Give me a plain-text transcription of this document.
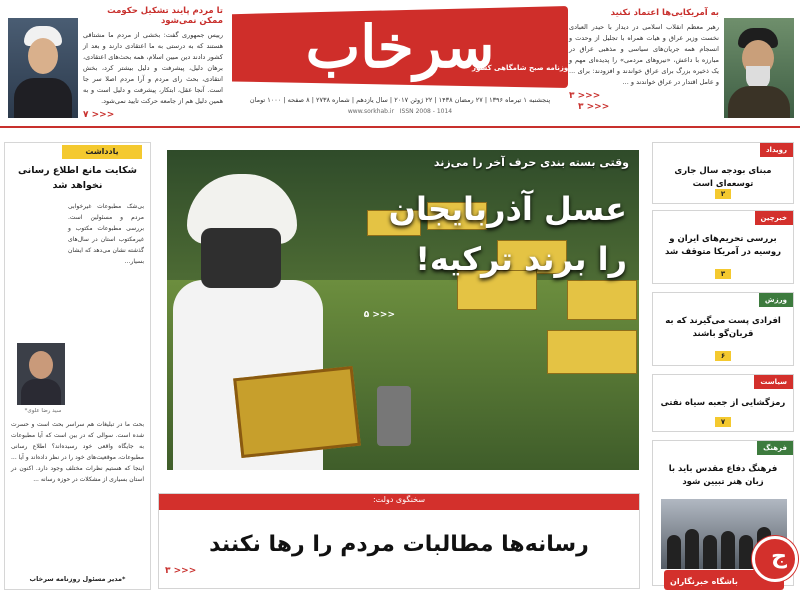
تا مردم پایند تشکیل حکومت ممکن نمی‌شود
رییس جمهوری گفت: بخشی از مردم ما مشتاقی هستند که به درستی به ما اعتقادی دارند و بعد از کشور دادند دین مبین اسلام، همه بحث‌های اعتقادی، برهان دلیل، پیشرفت و دلیل بیشتر کرد، بخش انتقادی، بحث رای مردم و آرا مردم اصلا سر جا است. آنجا عقل، ابتکار، پیشرفت و دلیل است و به همین دلیل هم از جامعه حرکت تایید نمی‌شود.
<<< ۷
سرخاب
روزنامه صبح شامگاهی کشور
پنجشنبه ۱ تیرماه ۱۳۹۶ | ۲۷ رمضان ۱۴۳۸ | ۲۲ ژوئن ۲۰۱۷ | سال یازدهم | شماره ۲۷۳۸ | ۸ صفحه | ۱۰۰۰ تومان
www.sorkhab.ir ISSN 2008 - 1014	<<< ۳
به آمریکایی‌ها اعتماد نکنید
رهبر معظم انقلاب اسلامی در دیدار با حیدر العبادی نخست وزیر عراق و هیات همراه با تجلیل از وحدت و انسجام همه جریان‌های سیاسی و مذهبی عراق در مبارزه با داعش، «نیروهای مردمی» را پدیده‌ای مهم و یک ذخیره بزرگ برای عراق خواندند و افزودند: برای ... و عامل اقتدار در عراق خواندند و ...
<<< ۳
یادداشت
شکایت مانع اطلاع رسانی نخواهد شد
بی‌شک مطبوعات غیرخوابی مردم و مسئولین است. بررسی مطبوعات مکتوب و غیرمکتوب استان در سال‌های گذشته نشان می‌دهد که ایشان بسیار...
سید رضا علوی*
بحث ما در تبلیغات هم سراسر بحث است و حسرت شده است. سوالی که در بین است که آیا مطبوعات به جایگاه واقعی خود رسیده‌اند؟ اطلاع رسانی مطبوعات، موقعیت‌های خود را در نظر داده‌اند و آیا ... اینجا که هستیم نظرات مختلف وجود دارد. اکنون در استان بسیاری از مشکلات در حوزه رسانه ...
*مدیر مسئول روزنامه سرخاب
وقتی بسته بندی حرف آخر را می‌زند
عسل آذربایجان را برند ترکیه!
<<< ۵
سخنگوی دولت:
رسانه‌ها مطالبات مردم را رها نکنند
<<< ۳
رویداد
مبنای بودجه سال جاری توسعه‌ای است
۲
خبرچین
بررسی تحریم‌های ایران و روسیه در آمریکا متوقف شد
۳
ورزش
افرادی پست می‌گیرند که به قربان‌گو باشند
۶
سیاست
رمزگشایی از جعبه سیاه نفتی
۷
فرهنگ
فرهنگ دفاع مقدس باید با زبان هنر تبیین شود
باشگاه خبرنگاران
ج
